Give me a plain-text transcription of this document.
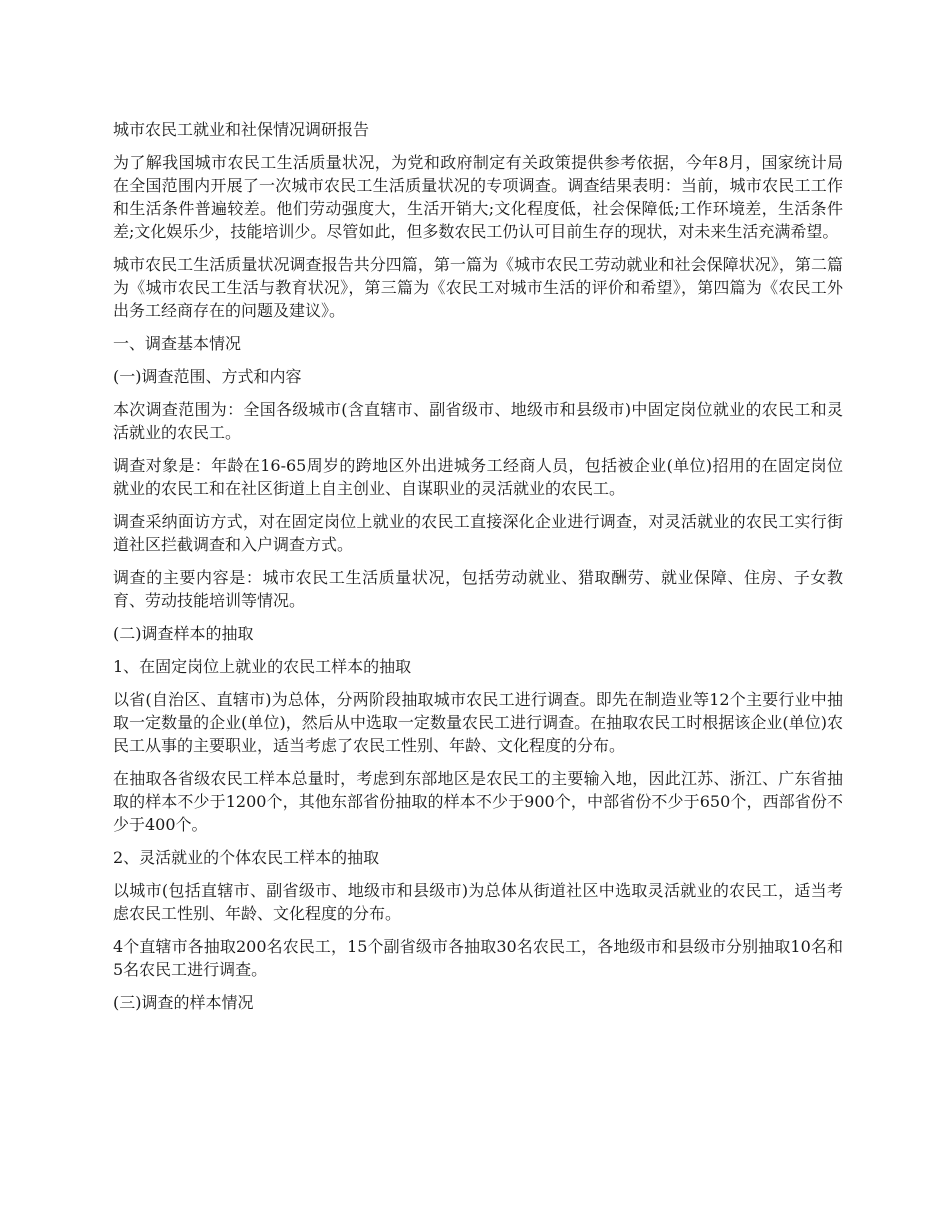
城市农民工就业和社保情况调研报告

为了解我国城市农民工生活质量状况，为党和政府制定有关政策提供参考依据，今年8月，国家统计局在全国范围内开展了一次城市农民工生活质量状况的专项调查。调查结果表明：当前，城市农民工工作和生活条件普遍较差。他们劳动强度大，生活开销大;文化程度低，社会保障低;工作环境差，生活条件差;文化娱乐少，技能培训少。尽管如此，但多数农民工仍认可目前生存的现状，对未来生活充满希望。

城市农民工生活质量状况调查报告共分四篇，第一篇为《城市农民工劳动就业和社会保障状况》，第二篇为《城市农民工生活与教育状况》，第三篇为《农民工对城市生活的评价和希望》，第四篇为《农民工外出务工经商存在的问题及建议》。

一、调查基本情况

(一)调查范围、方式和内容

本次调查范围为：全国各级城市(含直辖市、副省级市、地级市和县级市)中固定岗位就业的农民工和灵活就业的农民工。

调查对象是：年龄在16-65周岁的跨地区外出进城务工经商人员，包括被企业(单位)招用的在固定岗位就业的农民工和在社区街道上自主创业、自谋职业的灵活就业的农民工。

调查采纳面访方式，对在固定岗位上就业的农民工直接深化企业进行调查，对灵活就业的农民工实行街道社区拦截调查和入户调查方式。

调查的主要内容是：城市农民工生活质量状况，包括劳动就业、猎取酬劳、就业保障、住房、子女教育、劳动技能培训等情况。

(二)调查样本的抽取

1、在固定岗位上就业的农民工样本的抽取

以省(自治区、直辖市)为总体，分两阶段抽取城市农民工进行调查。即先在制造业等12个主要行业中抽取一定数量的企业(单位)，然后从中选取一定数量农民工进行调查。在抽取农民工时根据该企业(单位)农民工从事的主要职业，适当考虑了农民工性别、年龄、文化程度的分布。

在抽取各省级农民工样本总量时，考虑到东部地区是农民工的主要输入地，因此江苏、浙江、广东省抽取的样本不少于1200个，其他东部省份抽取的样本不少于900个，中部省份不少于650个，西部省份不少于400个。

2、灵活就业的个体农民工样本的抽取

以城市(包括直辖市、副省级市、地级市和县级市)为总体从街道社区中选取灵活就业的农民工，适当考虑农民工性别、年龄、文化程度的分布。

4个直辖市各抽取200名农民工，15个副省级市各抽取30名农民工，各地级市和县级市分别抽取10名和5名农民工进行调查。

(三)调查的样本情况
